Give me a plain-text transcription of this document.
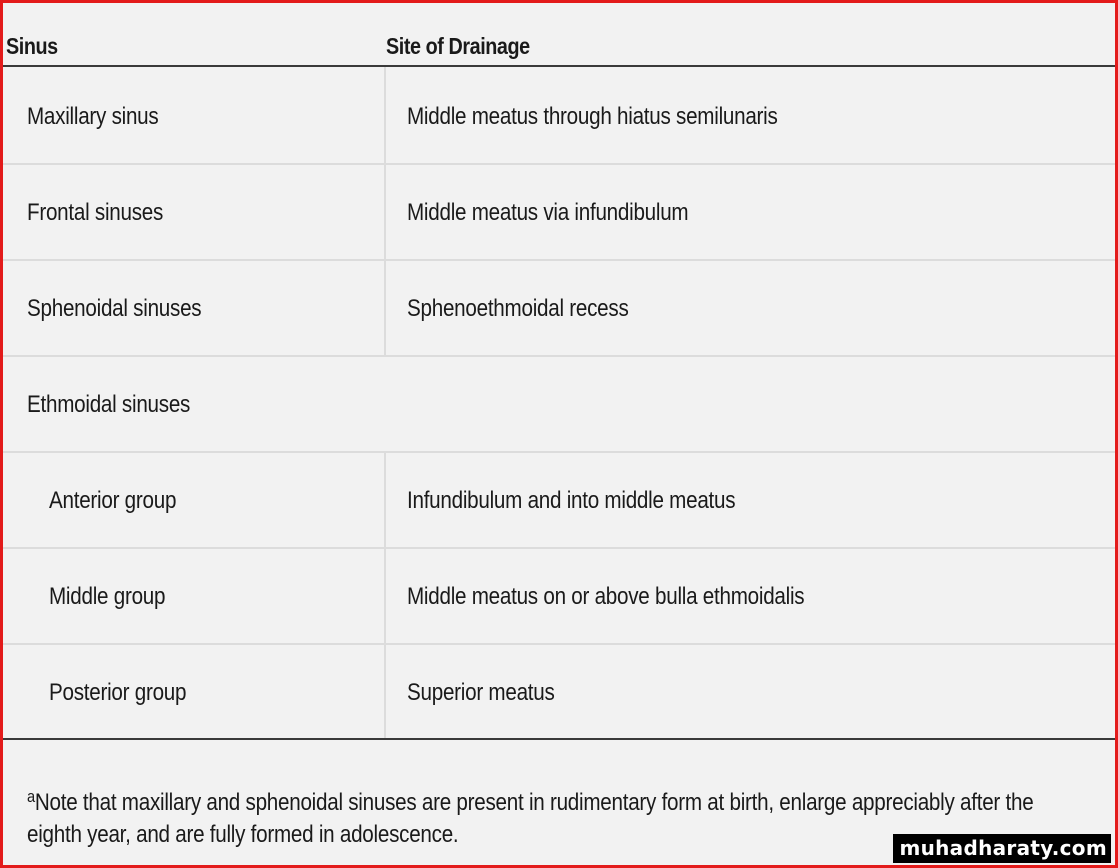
Sinus	Site of Drainage
Maxillary sinus	Middle meatus through hiatus semilunaris
Frontal sinuses	Middle meatus via infundibulum
Sphenoidal sinuses	Sphenoethmoidal recess
Ethmoidal sinuses
Anterior group	Infundibulum and into middle meatus
Middle group	Middle meatus on or above bulla ethmoidalis
Posterior group	Superior meatus
$^a$Note that maxillary and sphenoidal sinuses are present in rudimentary form at birth, enlarge appreciably after the eighth year, and are fully formed in adolescence.	muhadharaty.com
